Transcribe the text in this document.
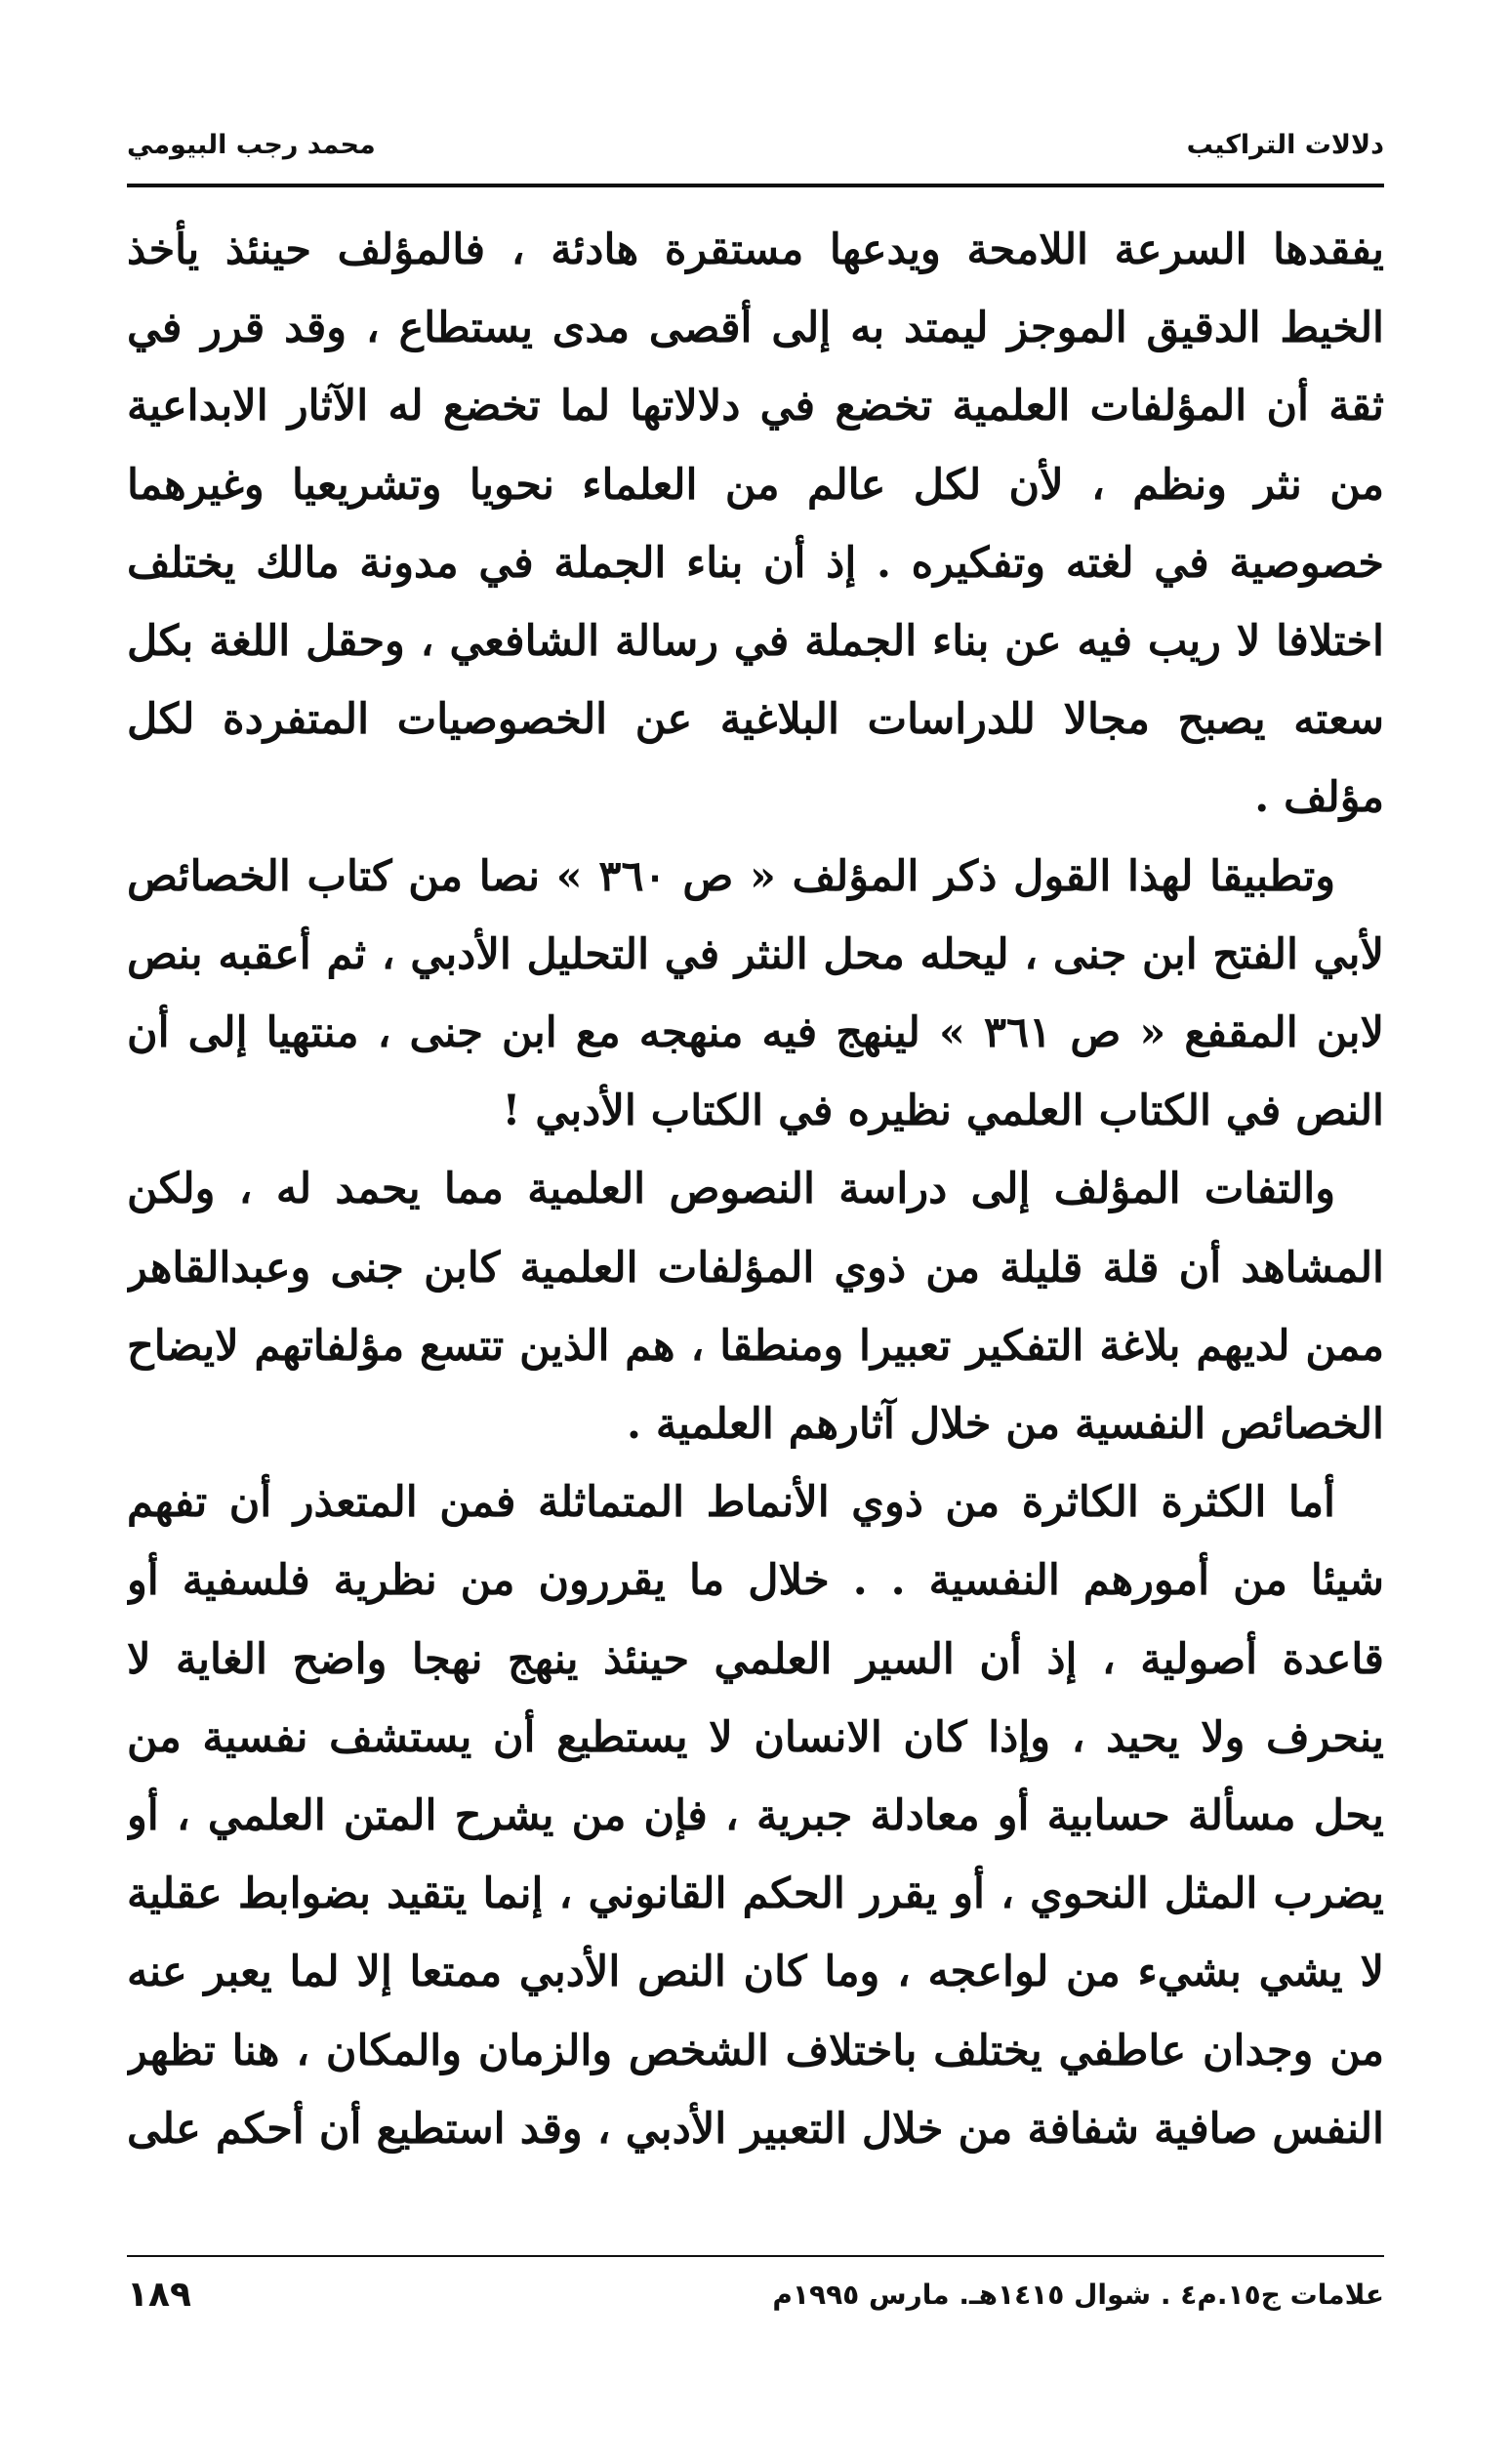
دلالات التراكيب
محمد رجب البيومي

يفقدها السرعة اللامحة ويدعها مستقرة هادئة ، فالمؤلف حينئذ يأخذ الخيط الدقيق الموجز ليمتد به إلى أقصى مدى يستطاع ، وقد قرر في ثقة أن المؤلفات العلمية تخضع في دلالاتها لما تخضع له الآثار الابداعية من نثر ونظم ، لأن لكل عالم من العلماء نحويا وتشريعيا وغيرهما خصوصية في لغته وتفكيره . إذ أن بناء الجملة في مدونة مالك يختلف اختلافا لا ريب فيه عن بناء الجملة في رسالة الشافعي ، وحقل اللغة بكل سعته يصبح مجالا للدراسات البلاغية عن الخصوصيات المتفردة لكل مؤلف .

وتطبيقا لهذا القول ذكر المؤلف « ص ٣٦٠ » نصا من كتاب الخصائص لأبي الفتح ابن جنى ، ليحله محل النثر في التحليل الأدبي ، ثم أعقبه بنص لابن المقفع « ص ٣٦١ » لينهج فيه منهجه مع ابن جنى ، منتهيا إلى أن النص في الكتاب العلمي نظيره في الكتاب الأدبي !

والتفات المؤلف إلى دراسة النصوص العلمية مما يحمد له ، ولكن المشاهد أن قلة قليلة من ذوي المؤلفات العلمية كابن جنى وعبدالقاهر ممن لديهم بلاغة التفكير تعبيرا ومنطقا ، هم الذين تتسع مؤلفاتهم لايضاح الخصائص النفسية من خلال آثارهم العلمية .

أما الكثرة الكاثرة من ذوي الأنماط المتماثلة فمن المتعذر أن تفهم شيئا من أمورهم النفسية . . خلال ما يقررون من نظرية فلسفية أو قاعدة أصولية ، إذ أن السير العلمي حينئذ ينهج نهجا واضح الغاية لا ينحرف ولا يحيد ، وإذا كان الانسان لا يستطيع أن يستشف نفسية من يحل مسألة حسابية أو معادلة جبرية ، فإن من يشرح المتن العلمي ، أو يضرب المثل النحوي ، أو يقرر الحكم القانوني ، إنما يتقيد بضوابط عقلية لا يشي بشيء من لواعجه ، وما كان النص الأدبي ممتعا إلا لما يعبر عنه من وجدان عاطفي يختلف باختلاف الشخص والزمان والمكان ، هنا تظهر النفس صافية شفافة من خلال التعبير الأدبي ، وقد استطيع أن أحكم على

علامات ج١٥.م٤ . شوال ١٤١٥هـ. مارس ١٩٩٥م
١٨٩
